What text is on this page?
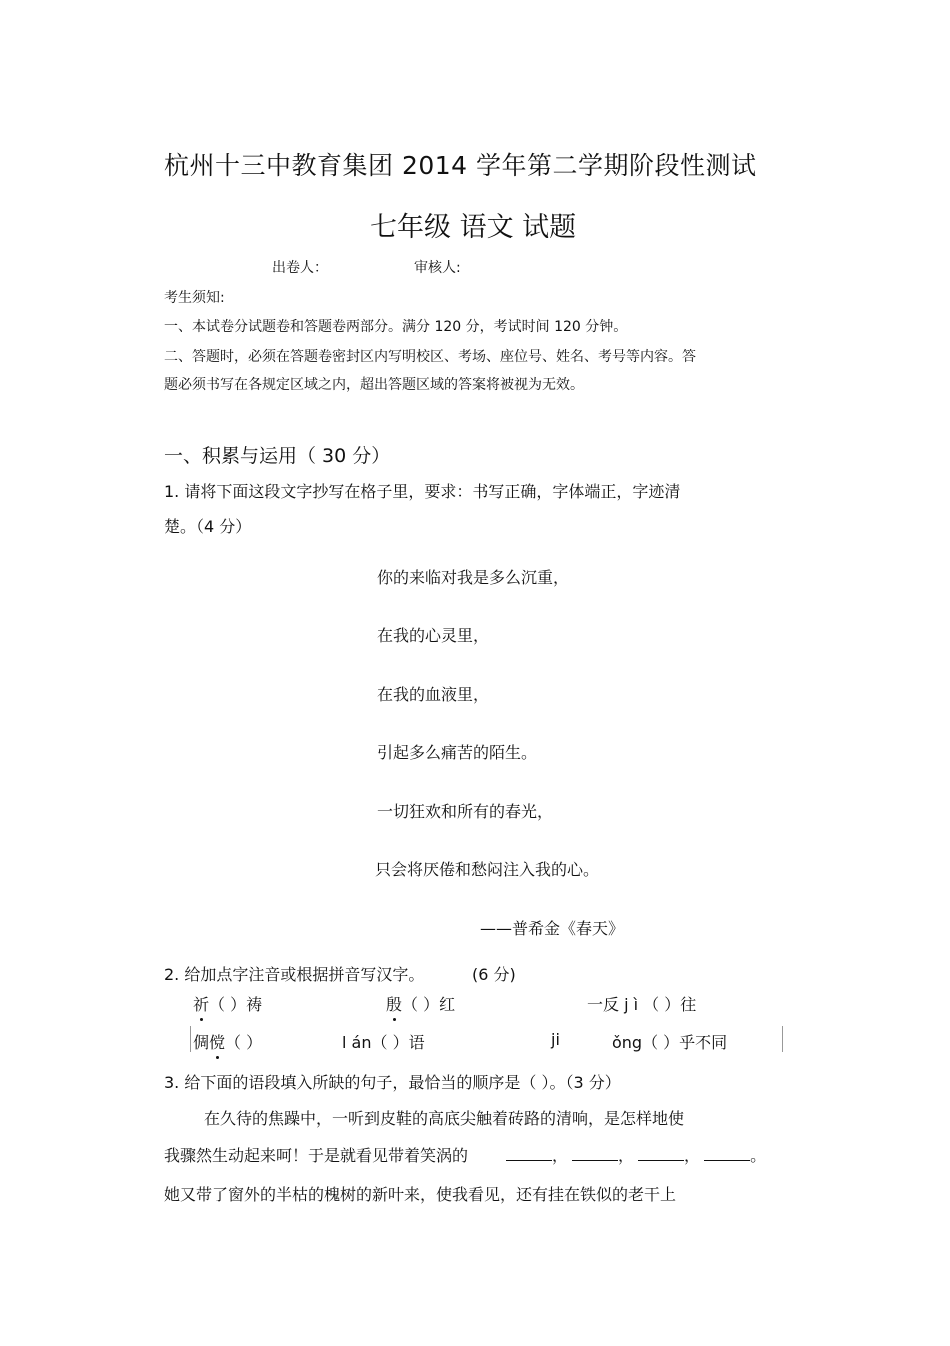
杭州十三中教育集团 2014 学年第二学期阶段性测试
七年级 语文 试题
出卷人：	审核人:
考生须知:
一、本试卷分试题卷和答题卷两部分。满分 120 分，考试时间 120 分钟。
二、答题时，必须在答题卷密封区内写明校区、考场、座位号、姓名、考号等内容。答
题必须书写在各规定区域之内，超出答题区域的答案将被视为无效。
一、积累与运用（ 30 分）
1. 请将下面这段文字抄写在格子里，要求：书写正确，字体端正，字迹清
楚。（4 分）
你的来临对我是多么沉重，
在我的心灵里，
在我的血液里，
引起多么痛苦的陌生。
一切狂欢和所有的春光，
只会将厌倦和愁闷注入我的心。
——普希金《春天》
2. 给加点字注音或根据拼音写汉字。	(6 分)
祈（ ）祷	殷（ ）红	一反 j ì （ ）往
倜傥（ ）	l án（ ）语	ji	ǒng（ ）乎不同
3. 给下面的语段填入所缺的句子，最恰当的顺序是（ ）。（3 分）
在久待的焦躁中，一听到皮鞋的高底尖触着砖路的清响，是怎样地使
我骤然生动起来呵！于是就看见带着笑涡的	，	，	，	。
她又带了窗外的半枯的槐树的新叶来，使我看见，还有挂在铁似的老干上
